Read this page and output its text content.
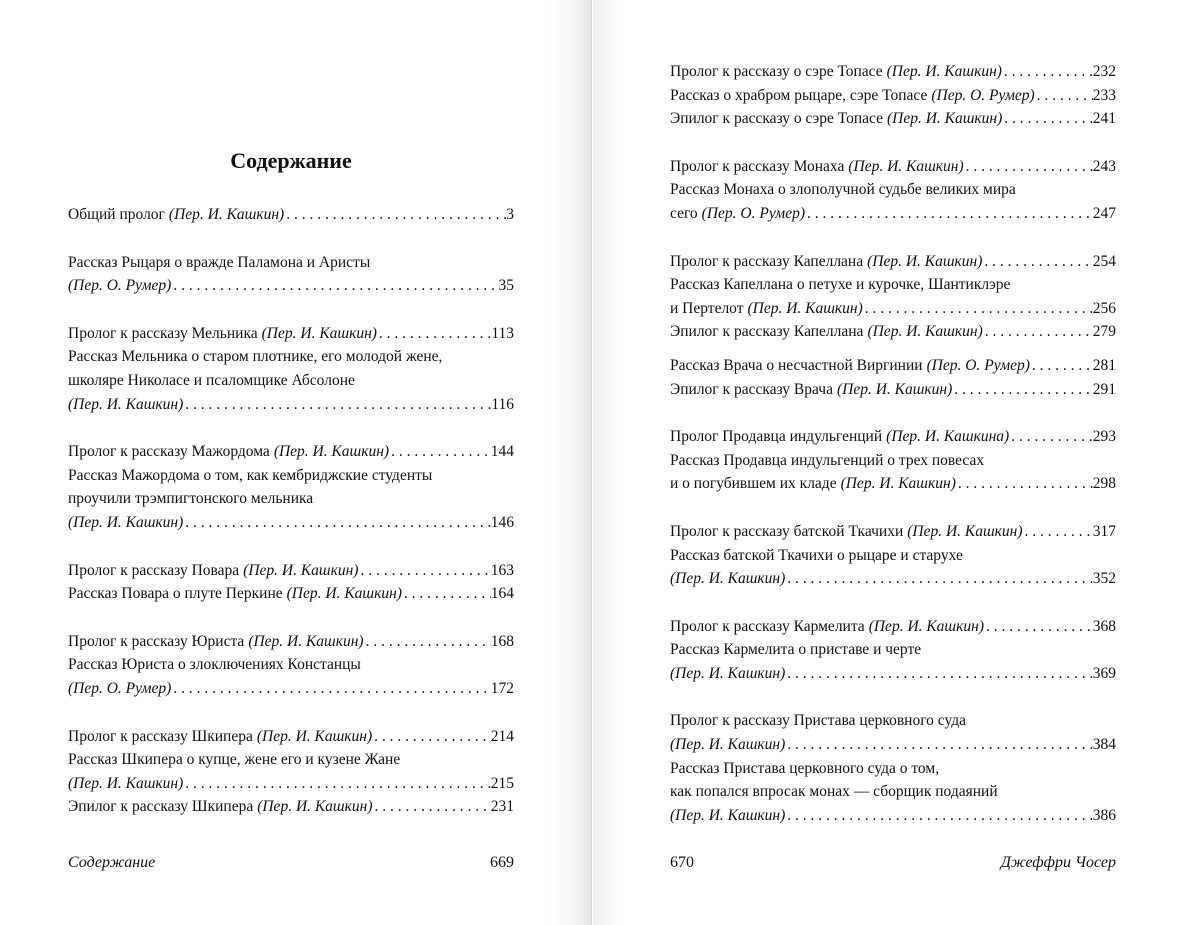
Содержание
Общий пролог (Пер. И. Кашкин) . . .	3
Рассказ Рыцаря о вражде Паламона и Аристы
(Пер. О. Румер) . . .	35
Пролог к рассказу Мельника (Пер. И. Кашкин) . . .	113
Рассказ Мельника о старом плотнике, его молодой жене,
школяре Николасе и псаломщике Абсолоне
(Пер. И. Кашкин) . . .	116
Пролог к рассказу Мажордома (Пер. И. Кашкин) . . .	144
Рассказ Мажордома о том, как кембриджские студенты
проучили трэмпигтонского мельника
(Пер. И. Кашкин) . . .	146
Пролог к рассказу Повара (Пер. И. Кашкин) . . .	163
Рассказ Повара о плуте Перкине (Пер. И. Кашкин) . . .	164
Пролог к рассказу Юриста (Пер. И. Кашкин) . . .	168
Рассказ Юриста о злоключениях Констанцы
(Пер. О. Румер) . . .	172
Пролог к рассказу Шкипера (Пер. И. Кашкин) . . .	214
Рассказ Шкипера о купце, жене его и кузене Жане
(Пер. И. Кашкин) . . .	215
Эпилог к рассказу Шкипера (Пер. И. Кашкин) . . .	231
Содержание	669
Пролог к рассказу о сэре Топасе (Пер. И. Кашкин) . . .	232
Рассказ о храбром рыцаре, сэре Топасе (Пер. О. Румер) . . .	233
Эпилог к рассказу о сэре Топасе (Пер. И. Кашкин) . . .	241
Пролог к рассказу Монаха (Пер. И. Кашкин) . . .	243
Рассказ Монаха о злополучной судьбе великих мира
сего (Пер. О. Румер) . . .	247
Пролог к рассказу Капеллана (Пер. И. Кашкин) . . .	254
Рассказ Капеллана о петухе и курочке, Шантиклэре
и Пертелот (Пер. И. Кашкин) . . .	256
Эпилог к рассказу Капеллана (Пер. И. Кашкин) . . .	279
Рассказ Врача о несчастной Виргинии (Пер. О. Румер) . . .	281
Эпилог к рассказу Врача (Пер. И. Кашкин) . . .	291
Пролог Продавца индульгенций (Пер. И. Кашкина) . . .	293
Рассказ Продавца индульгенций о трех повесах
и о погубившем их кладе (Пер. И. Кашкин) . . .	298
Пролог к рассказу батской Ткачихи (Пер. И. Кашкин) . . .	317
Рассказ батской Ткачихи о рыцаре и старухе
(Пер. И. Кашкин) . . .	352
Пролог к рассказу Кармелита (Пер. И. Кашкин) . . .	368
Рассказ Кармелита о приставе и черте
(Пер. И. Кашкин) . . .	369
Пролог к рассказу Пристава церковного суда
(Пер. И. Кашкин) . . .	384
Рассказ Пристава церковного суда о том,
как попался впросак монах — сборщик подаяний
(Пер. И. Кашкин) . . .	386
670	Джеффри Чосер
